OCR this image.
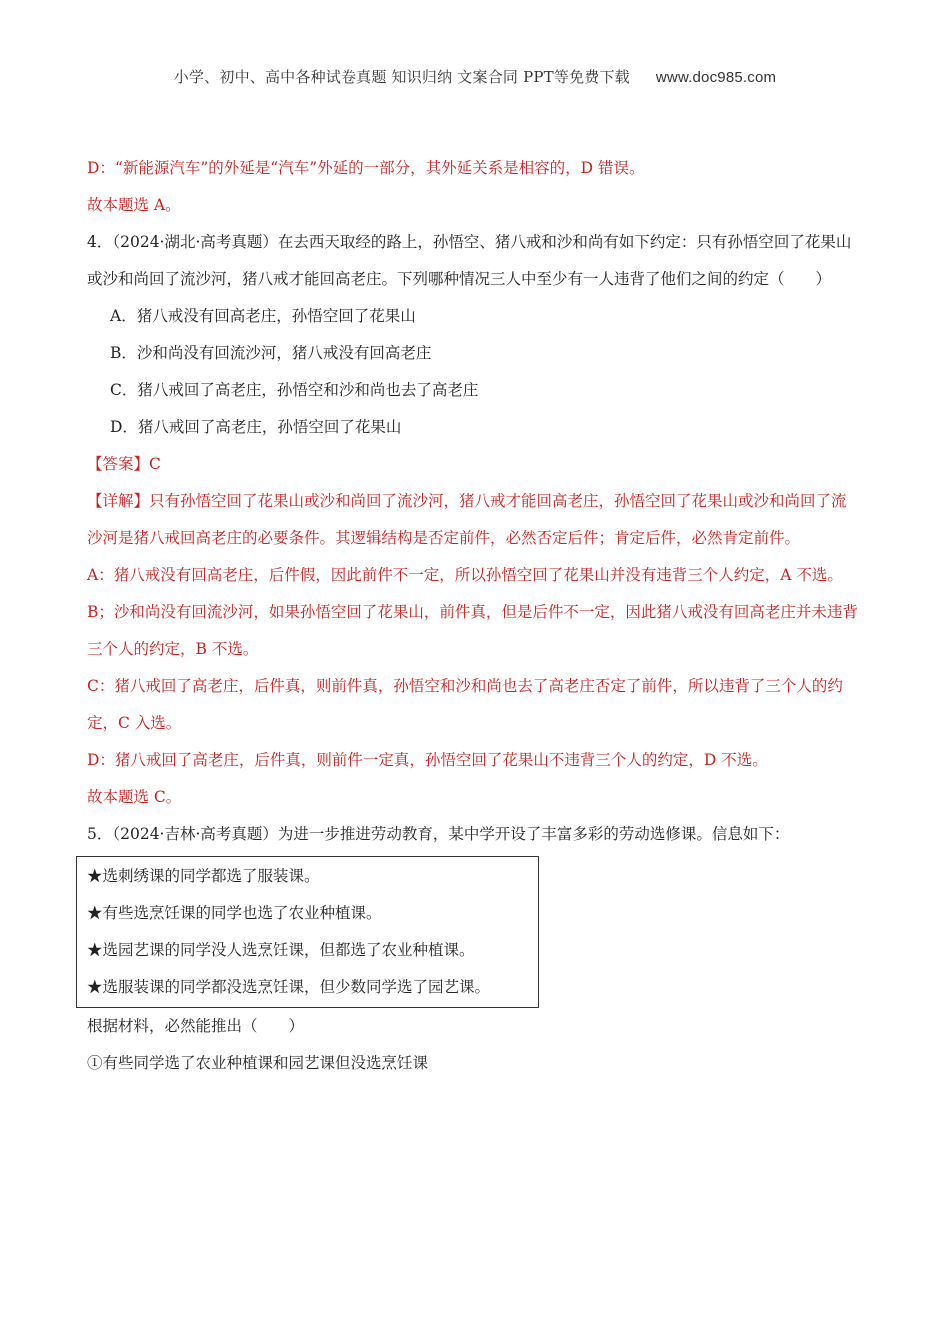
小学、初中、高中各种试卷真题 知识归纳 文案合同 PPT等免费下载 www.doc985.com
D：“新能源汽车”的外延是“汽车”外延的一部分，其外延关系是相容的，D 错误。
故本题选 A。
4．（2024·湖北·高考真题）在去西天取经的路上，孙悟空、猪八戒和沙和尚有如下约定：只有孙悟空回了花果山或沙和尚回了流沙河，猪八戒才能回高老庄。下列哪种情况三人中至少有一人违背了他们之间的约定（　　）
A．猪八戒没有回高老庄，孙悟空回了花果山
B．沙和尚没有回流沙河，猪八戒没有回高老庄
C．猪八戒回了高老庄，孙悟空和沙和尚也去了高老庄
D．猪八戒回了高老庄，孙悟空回了花果山
【答案】C
【详解】只有孙悟空回了花果山或沙和尚回了流沙河，猪八戒才能回高老庄，孙悟空回了花果山或沙和尚回了流沙河是猪八戒回高老庄的必要条件。其逻辑结构是否定前件，必然否定后件；肯定后件，必然肯定前件。
A：猪八戒没有回高老庄，后件假，因此前件不一定，所以孙悟空回了花果山并没有违背三个人约定，A 不选。
B；沙和尚没有回流沙河，如果孙悟空回了花果山，前件真，但是后件不一定，因此猪八戒没有回高老庄并未违背三个人的约定，B 不选。
C：猪八戒回了高老庄，后件真，则前件真，孙悟空和沙和尚也去了高老庄否定了前件，所以违背了三个人的约定，C 入选。
D：猪八戒回了高老庄，后件真，则前件一定真，孙悟空回了花果山不违背三个人的约定，D 不选。
故本题选 C。
5．（2024·吉林·高考真题）为进一步推进劳动教育，某中学开设了丰富多彩的劳动选修课。信息如下：
★选刺绣课的同学都选了服装课。
★有些选烹饪课的同学也选了农业种植课。
★选园艺课的同学没人选烹饪课，但都选了农业种植课。
★选服装课的同学都没选烹饪课，但少数同学选了园艺课。
根据材料，必然能推出（　　）
①有些同学选了农业种植课和园艺课但没选烹饪课
